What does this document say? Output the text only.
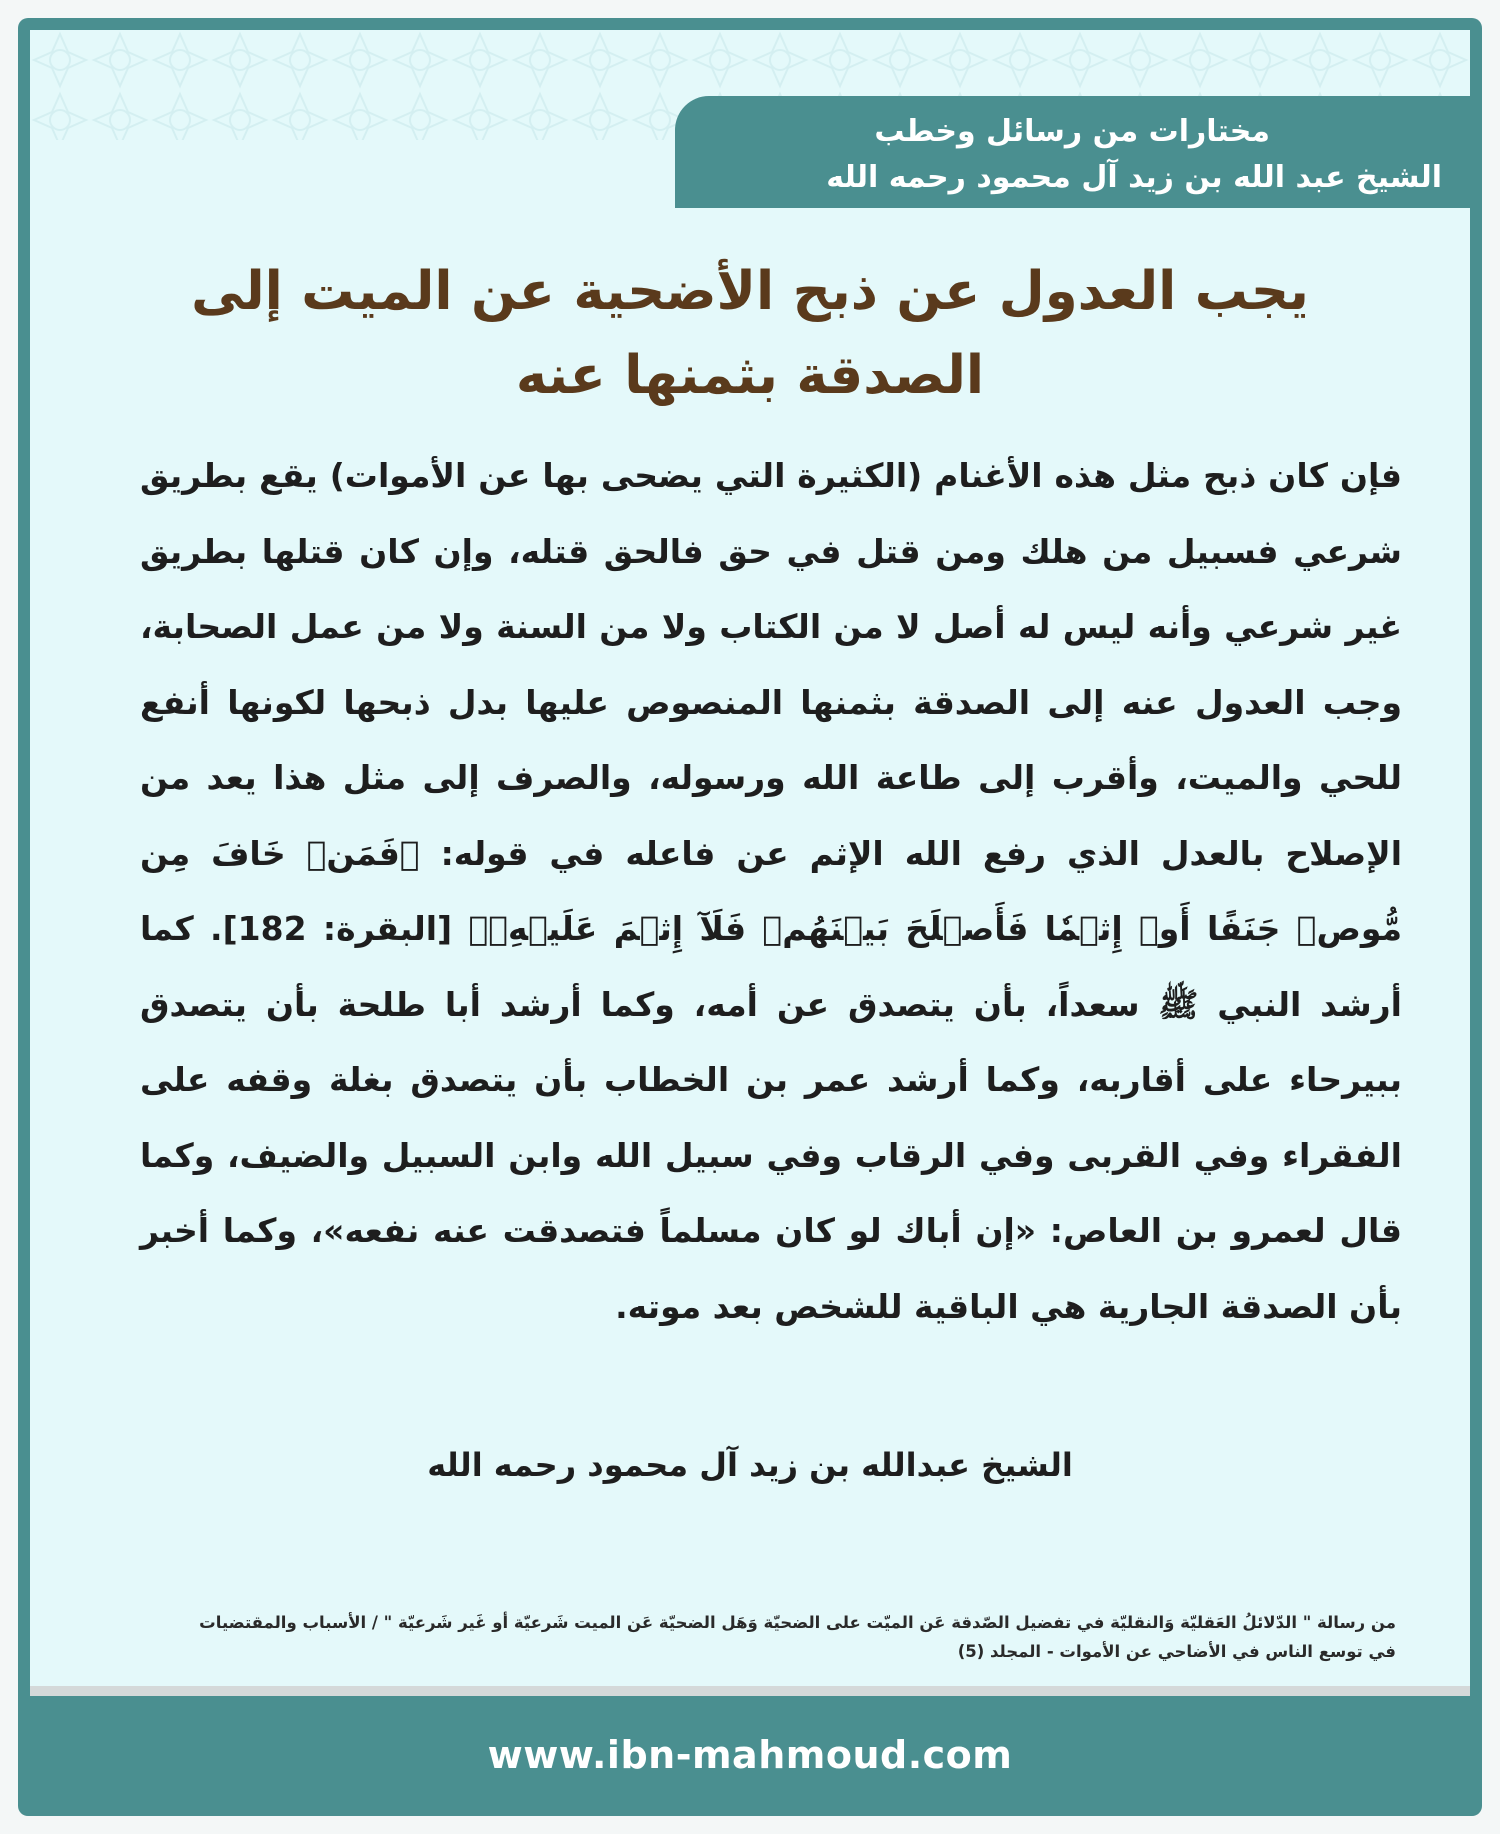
مختارات من رسائل وخطب
الشيخ عبد الله بن زيد آل محمود رحمه الله
يجب العدول عن ذبح الأضحية عن الميت إلى الصدقة بثمنها عنه

فإن كان ذبح مثل هذه الأغنام (الكثيرة التي يضحى بها عن الأموات) يقع بطريق شرعي فسبيل من هلك ومن قتل في حق فالحق قتله، وإن كان قتلها بطريق غير شرعي وأنه ليس له أصل لا من الكتاب ولا من السنة ولا من عمل الصحابة، وجب العدول عنه إلى الصدقة بثمنها المنصوص عليها بدل ذبحها لكونها أنفع للحي والميت، وأقرب إلى طاعة الله ورسوله، والصرف إلى مثل هذا يعد من الإصلاح بالعدل الذي رفع الله الإثم عن فاعله في قوله: ﴿فَمَنۡ خَافَ مِن مُّوصٖ جَنَفًا أَوۡ إِثۡمٗا فَأَصۡلَحَ بَيۡنَهُمۡ فَلَآ إِثۡمَ عَلَيۡهِۚ﴾ [البقرة: 182]. كما أرشد النبي ﷺ سعداً، بأن يتصدق عن أمه، وكما أرشد أبا طلحة بأن يتصدق ببيرحاء على أقاربه، وكما أرشد عمر بن الخطاب بأن يتصدق بغلة وقفه على الفقراء وفي القربى وفي الرقاب وفي سبيل الله وابن السبيل والضيف، وكما قال لعمرو بن العاص: «إن أباك لو كان مسلماً فتصدقت عنه نفعه»، وكما أخبر بأن الصدقة الجارية هي الباقية للشخص بعد موته.

الشيخ عبدالله بن زيد آل محمود رحمه الله

من رسالة " الدّلائلُ العَقليّة وَالنقليّة في تفضيل الصّدقة عَن الميّت على الضحيّة وَهَل الضحيّة عَن الميت شَرعيّة أو غَير شَرعيّة " / الأسباب والمقتضيات في توسع الناس في الأضاحي عن الأموات - المجلد (5)

www.ibn-mahmoud.com
